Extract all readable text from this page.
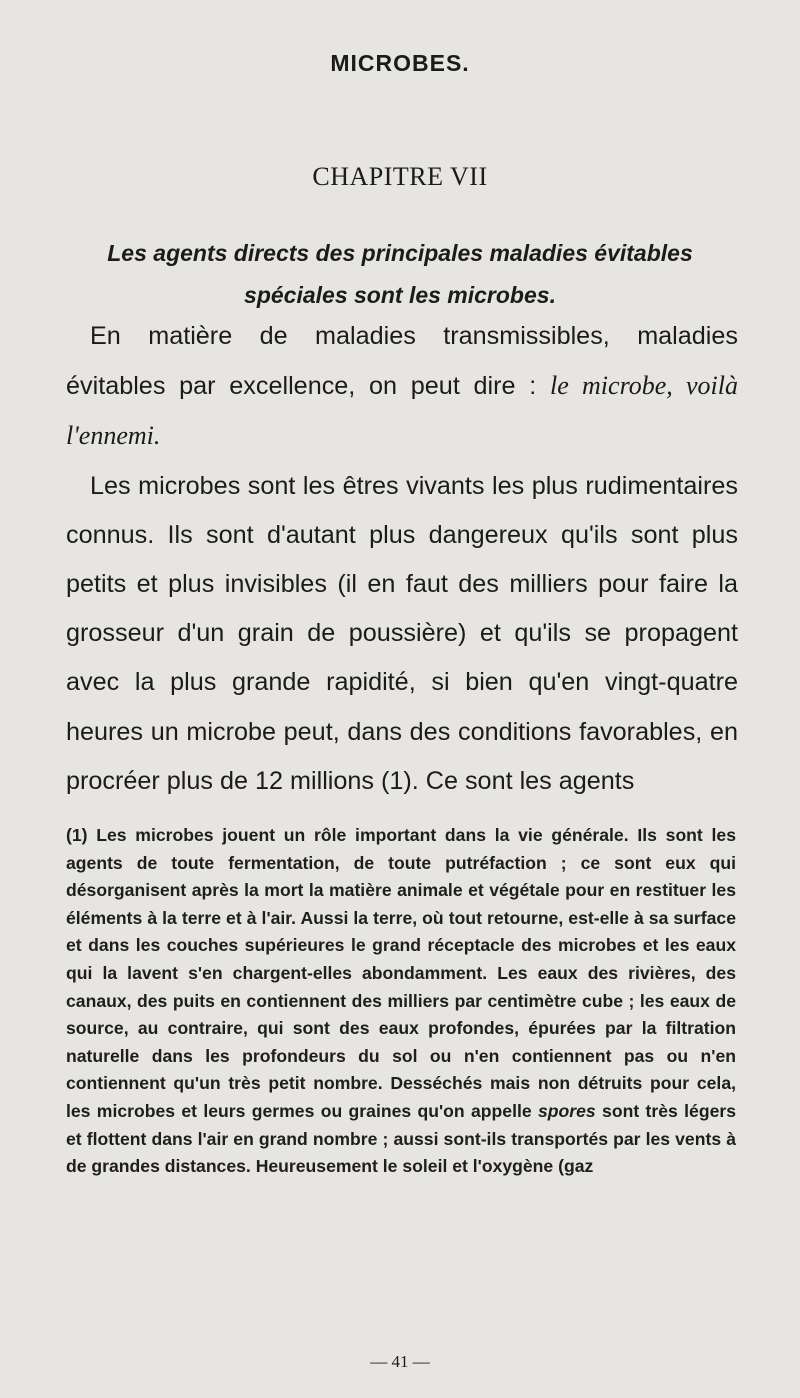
MICROBES.
CHAPITRE VII
Les agents directs des principales maladies évitables
spéciales sont les microbes.

En matière de maladies transmissibles, maladies évitables par excellence, on peut dire : le microbe, voilà l'ennemi.

Les microbes sont les êtres vivants les plus rudimentaires connus. Ils sont d'autant plus dangereux qu'ils sont plus petits et plus invisibles (il en faut des milliers pour faire la grosseur d'un grain de poussière) et qu'ils se propagent avec la plus grande rapidité, si bien qu'en vingt-quatre heures un microbe peut, dans des conditions favorables, en procréer plus de 12 millions (1). Ce sont les agents

(1) Les microbes jouent un rôle important dans la vie générale. Ils sont les agents de toute fermentation, de toute putréfaction ; ce sont eux qui désorganisent après la mort la matière animale et végétale pour en restituer les éléments à la terre et à l'air. Aussi la terre, où tout retourne, est-elle à sa surface et dans les couches supérieures le grand réceptacle des microbes et les eaux qui la lavent s'en chargent-elles abondamment. Les eaux des rivières, des canaux, des puits en contiennent des milliers par centimètre cube ; les eaux de source, au contraire, qui sont des eaux profondes, épurées par la filtration naturelle dans les profondeurs du sol ou n'en contiennent pas ou n'en contiennent qu'un très petit nombre. Desséchés mais non détruits pour cela, les microbes et leurs germes ou graines qu'on appelle spores sont très légers et flottent dans l'air en grand nombre ; aussi sont-ils transportés par les vents à de grandes distances. Heureusement le soleil et l'oxygène (gaz

— 41 —
